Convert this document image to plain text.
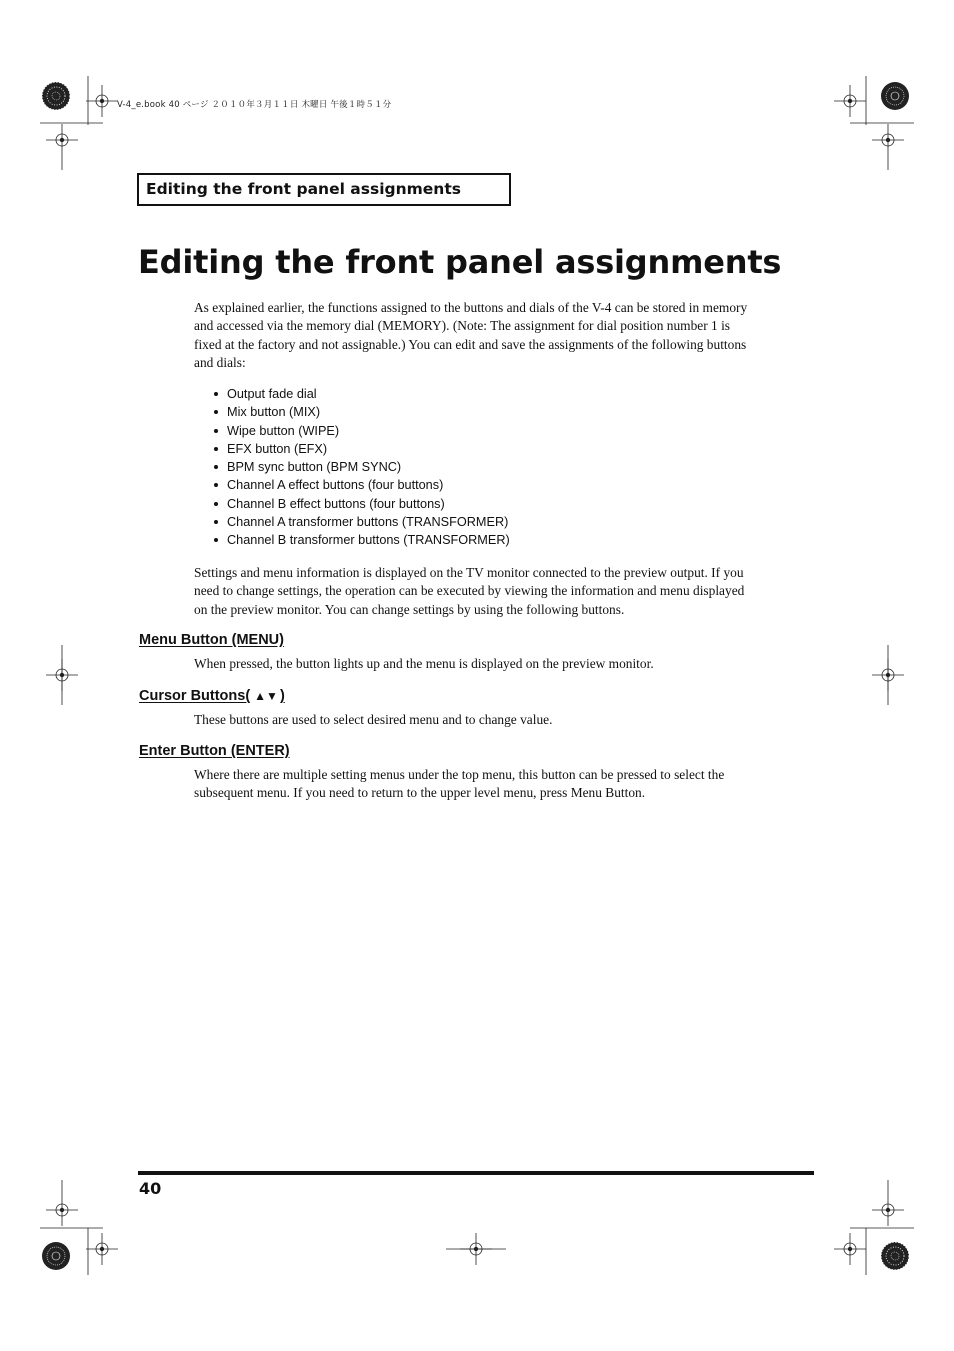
V-4_e.book 40 ページ ２０１０年３月１１日 木曜日 午後１時５１分
Editing the front panel assignments
Editing the front panel assignments

As explained earlier, the functions assigned to the buttons and dials of the V-4 can be stored in memory and accessed via the memory dial (MEMORY). (Note: The assignment for dial position number 1 is fixed at the factory and not assignable.) You can edit and save the assignments of the following buttons and dials:

Output fade dial
Mix button (MIX)
Wipe button (WIPE)
EFX button (EFX)
BPM sync button (BPM SYNC)
Channel A effect buttons (four buttons)
Channel B effect buttons (four buttons)
Channel A transformer buttons (TRANSFORMER)
Channel B transformer buttons (TRANSFORMER)

Settings and menu information is displayed on the TV monitor connected to the preview output. If you need to change settings, the operation can be executed by viewing the information and menu displayed on the preview monitor. You can change settings by using the following buttons.

Menu Button (MENU)

When pressed, the button lights up and the menu is displayed on the preview monitor.

Cursor Buttons( ▲▼ )

These buttons are used to select desired menu and to change value.

Enter Button (ENTER)

Where there are multiple setting menus under the top menu, this button can be pressed to select the subsequent menu. If you need to return to the upper level menu, press Menu Button.

40
